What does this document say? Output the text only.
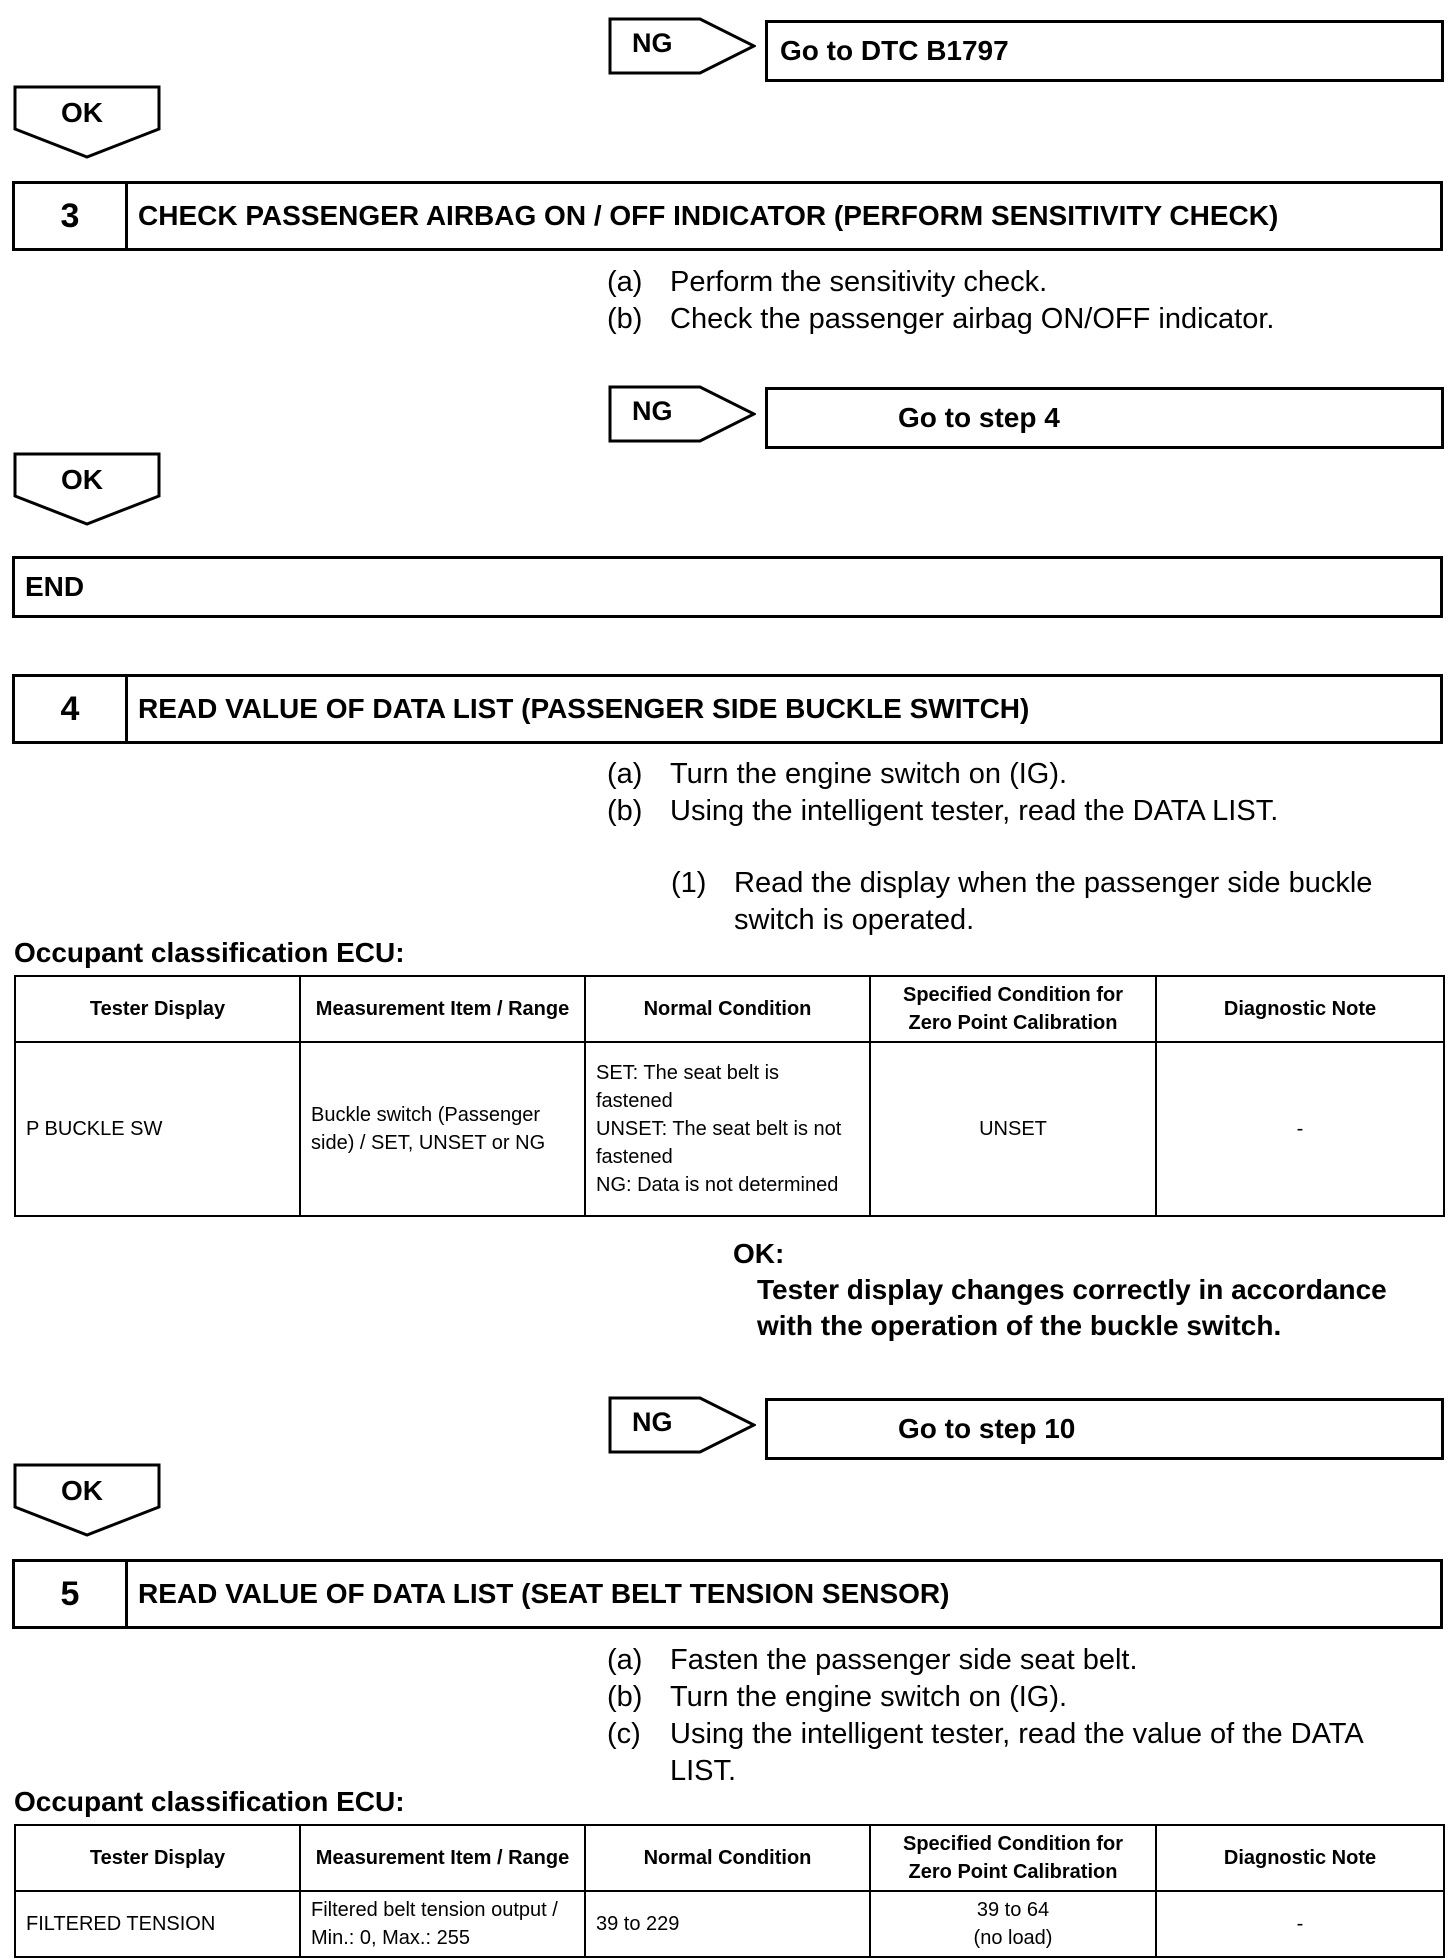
NG	Go to DTC B1797
OK
3	CHECK PASSENGER AIRBAG ON / OFF INDICATOR (PERFORM SENSITIVITY CHECK)
(a) Perform the sensitivity check.
(b) Check the passenger airbag ON/OFF indicator.
NG	Go to step 4
OK
END
4	READ VALUE OF DATA LIST (PASSENGER SIDE BUCKLE SWITCH)
(a) Turn the engine switch on (IG).
(b) Using the intelligent tester, read the DATA LIST.
(1) Read the display when the passenger side buckle switch is operated.
Occupant classification ECU:
Tester Display	Measurement Item / Range	Normal Condition	Specified Condition for Zero Point Calibration	Diagnostic Note
P BUCKLE SW	Buckle switch (Passenger side) / SET, UNSET or NG	SET: The seat belt is fastened
UNSET: The seat belt is not fastened
NG: Data is not determined	UNSET	-
OK:
Tester display changes correctly in accordance with the operation of the buckle switch.
NG	Go to step 10
OK
5	READ VALUE OF DATA LIST (SEAT BELT TENSION SENSOR)
(a) Fasten the passenger side seat belt.
(b) Turn the engine switch on (IG).
(c) Using the intelligent tester, read the value of the DATA LIST.
Occupant classification ECU:
Tester Display	Measurement Item / Range	Normal Condition	Specified Condition for Zero Point Calibration	Diagnostic Note
FILTERED TENSION	Filtered belt tension output / Min.: 0, Max.: 255	39 to 229	39 to 64
(no load)	-
